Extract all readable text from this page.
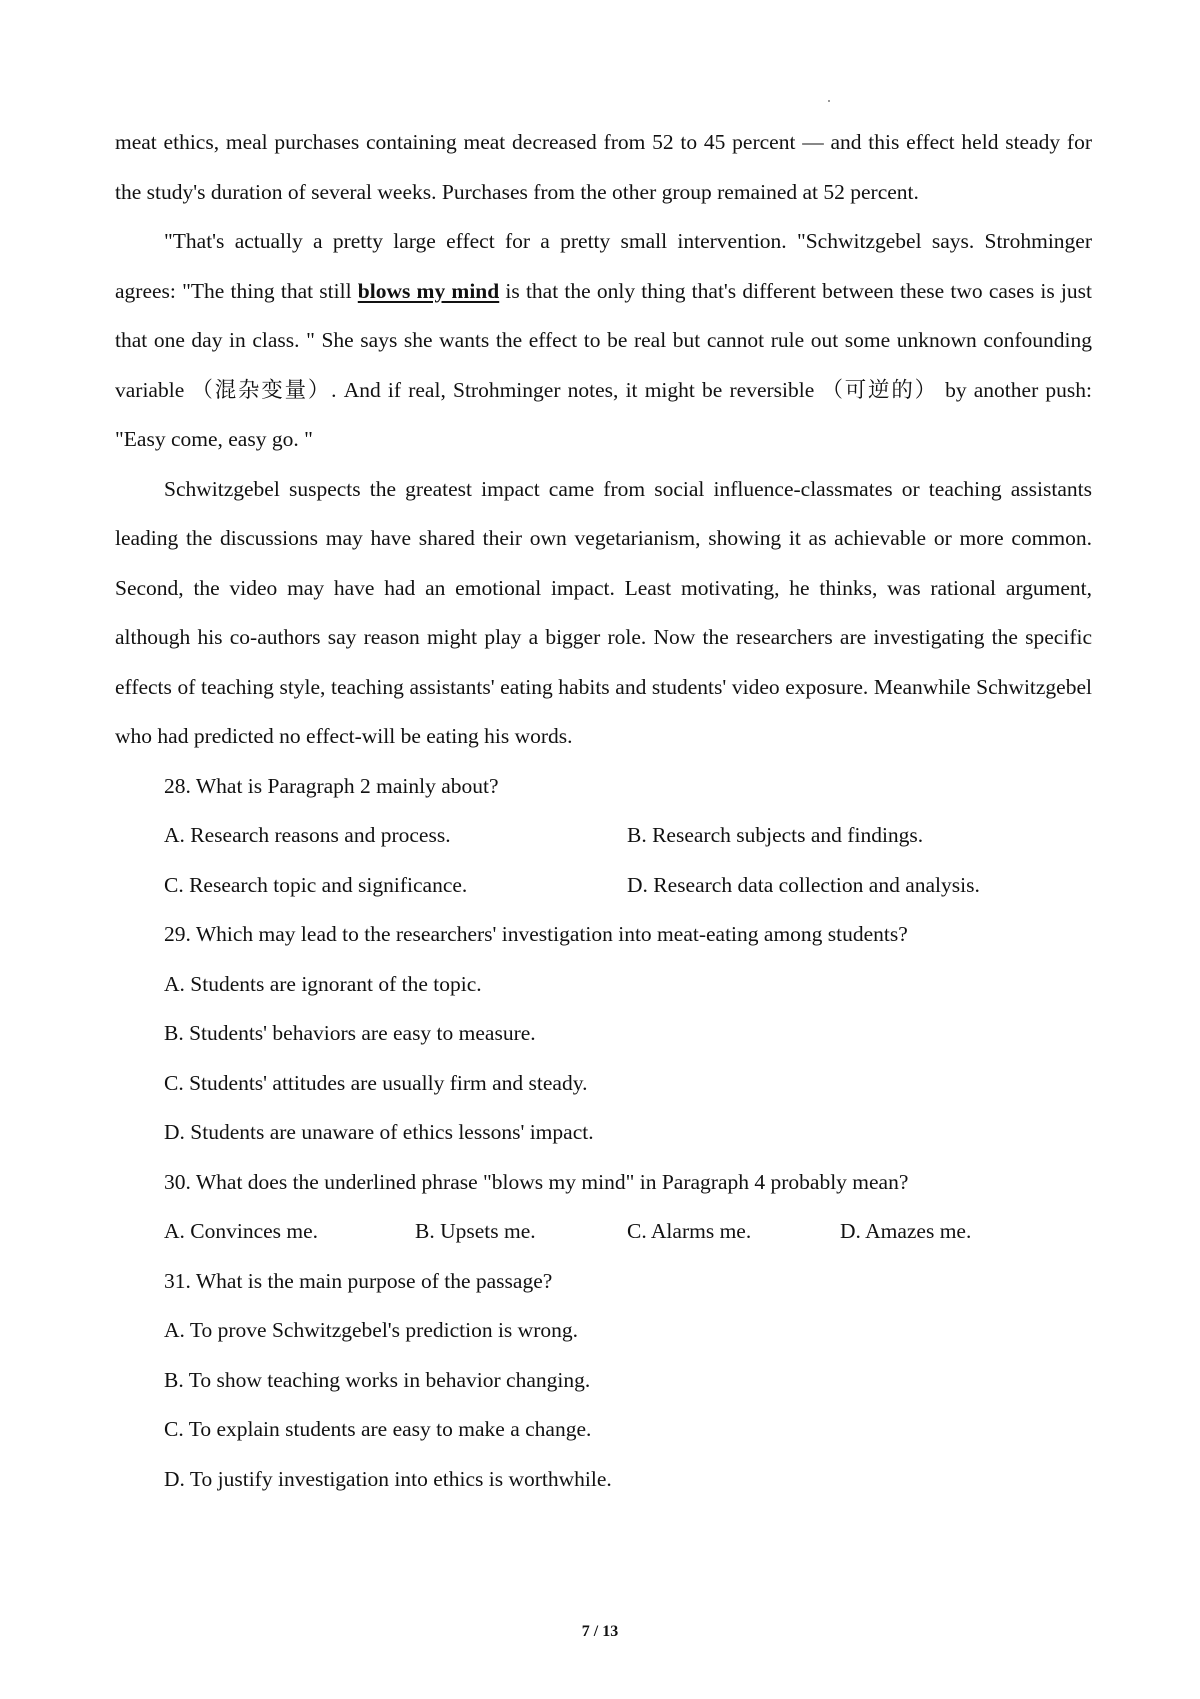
meat ethics, meal purchases containing meat decreased from 52 to 45 percent — and this effect held steady for the study's duration of several weeks. Purchases from the other group remained at 52 percent.

"That's actually a pretty large effect for a pretty small intervention. "Schwitzgebel says. Strohminger agrees: "The thing that still blows my mind is that the only thing that's different between these two cases is just that one day in class. " She says she wants the effect to be real but cannot rule out some unknown confounding variable （混杂变量）. And if real, Strohminger notes, it might be reversible （可逆的） by another push: "Easy come, easy go. "

Schwitzgebel suspects the greatest impact came from social influence-classmates or teaching assistants leading the discussions may have shared their own vegetarianism, showing it as achievable or more common. Second, the video may have had an emotional impact. Least motivating, he thinks, was rational argument, although his co-authors say reason might play a bigger role. Now the researchers are investigating the specific effects of teaching style, teaching assistants' eating habits and students' video exposure. Meanwhile Schwitzgebel who had predicted no effect-will be eating his words.

28. What is Paragraph 2 mainly about?

A. Research reasons and process.	B. Research subjects and findings.
C. Research topic and significance.	D. Research data collection and analysis.

29. Which may lead to the researchers' investigation into meat-eating among students?

A. Students are ignorant of the topic.

B. Students' behaviors are easy to measure.

C. Students' attitudes are usually firm and steady.

D. Students are unaware of ethics lessons' impact.

30. What does the underlined phrase "blows my mind" in Paragraph 4 probably mean?

A. Convinces me.	B. Upsets me.	C. Alarms me.	D. Amazes me.

31. What is the main purpose of the passage?

A. To prove Schwitzgebel's prediction is wrong.

B. To show teaching works in behavior changing.

C. To explain students are easy to make a change.

D. To justify investigation into ethics is worthwhile.

7 / 13
